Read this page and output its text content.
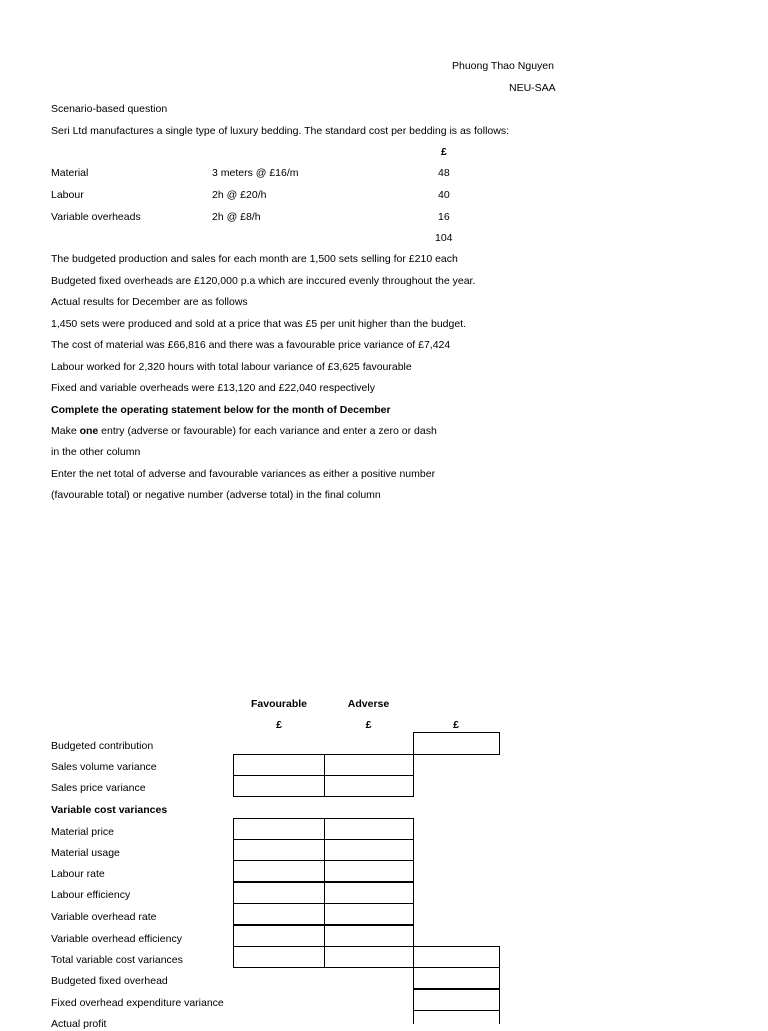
Phuong Thao Nguyen
NEU-SAA
Scenario-based question
Seri Ltd manufactures a single type of luxury bedding. The standard cost per bedding is as follows:
£
Material	3 meters @ £16/m	48
Labour	2h @ £20/h	40
Variable overheads	2h @ £8/h	16
104
The budgeted production and sales for each month are 1,500 sets selling for £210 each
Budgeted fixed overheads are £120,000 p.a which are inccured evenly throughout the year.
Actual results for December are as follows
1,450 sets were produced and sold at a price that was £5 per unit higher than the budget.
The cost of material was £66,816 and there was a favourable price variance of £7,424
Labour worked for 2,320 hours with total labour variance of £3,625 favourable
Fixed and variable overheads were £13,120 and £22,040 respectively
Complete the operating statement below for the month of December
Make one entry (adverse or favourable) for each variance and enter a zero or dash
in the other column
Enter the net total of adverse and favourable variances as either a positive number
(favourable total) or negative number (adverse total) in the final column
Favourable	Adverse
£	£	£
Budgeted contribution
Sales volume variance
Sales price variance
Variable cost variances
Material price
Material usage
Labour rate
Labour efficiency
Variable overhead rate
Variable overhead efficiency
Total variable cost variances
Budgeted fixed overhead
Fixed overhead expenditure variance
Actual profit
